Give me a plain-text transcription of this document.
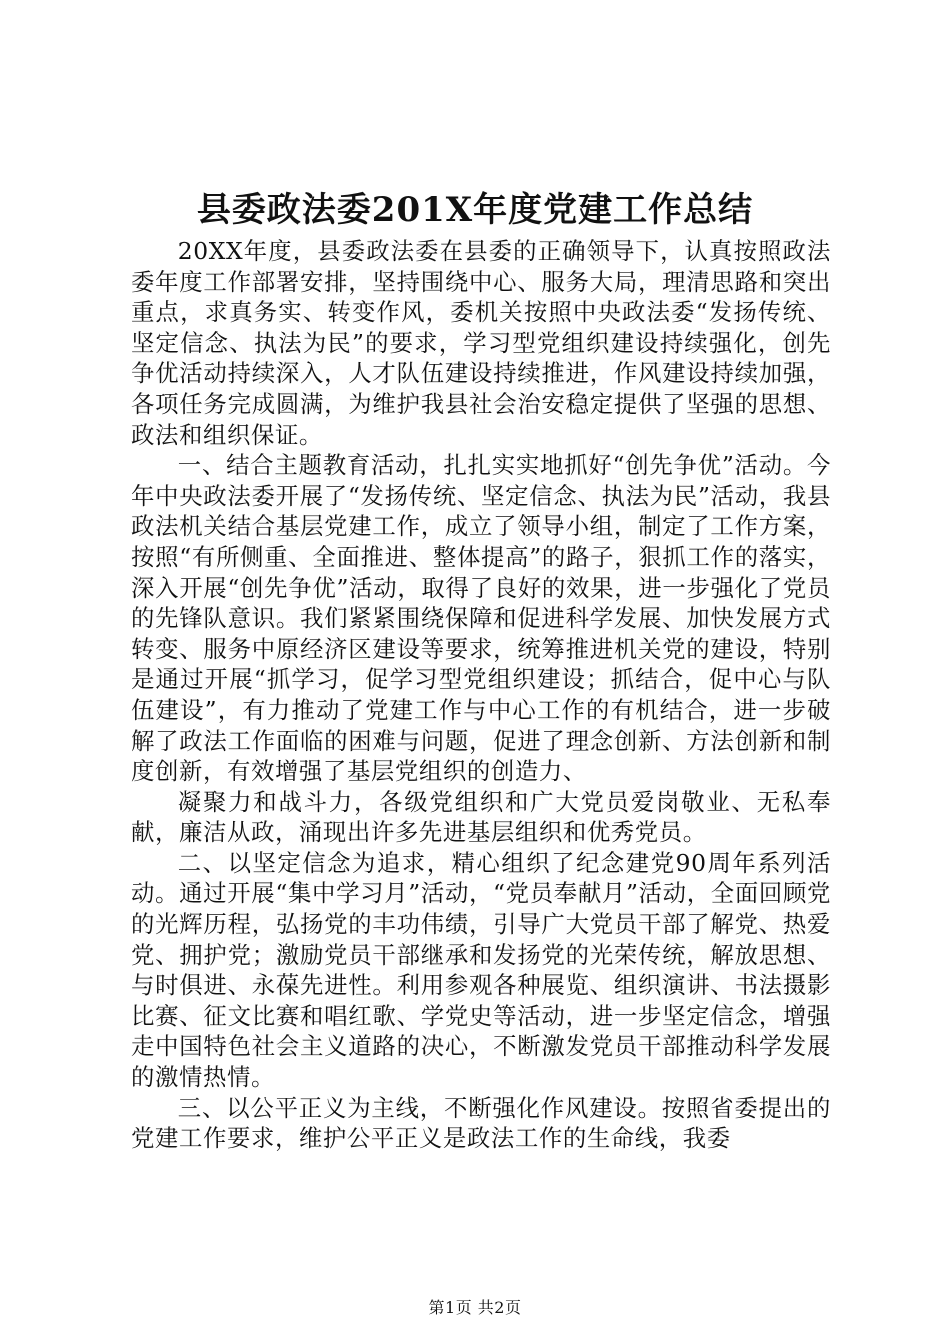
县委政法委201X年度党建工作总结

20XX年度，县委政法委在县委的正确领导下，认真按照政法委年度工作部署安排，坚持围绕中心、服务大局，理清思路和突出重点，求真务实、转变作风，委机关按照中央政法委“发扬传统、坚定信念、执法为民”的要求，学习型党组织建设持续强化，创先争优活动持续深入，人才队伍建设持续推进，作风建设持续加强，各项任务完成圆满，为维护我县社会治安稳定提供了坚强的思想、政法和组织保证。

一、结合主题教育活动，扎扎实实地抓好“创先争优”活动。今年中央政法委开展了“发扬传统、坚定信念、执法为民”活动，我县政法机关结合基层党建工作，成立了领导小组，制定了工作方案，按照“有所侧重、全面推进、整体提高”的路子，狠抓工作的落实，深入开展“创先争优”活动，取得了良好的效果，进一步强化了党员的先锋队意识。我们紧紧围绕保障和促进科学发展、加快发展方式转变、服务中原经济区建设等要求，统筹推进机关党的建设，特别是通过开展“抓学习，促学习型党组织建设；抓结合，促中心与队伍建设”，有力推动了党建工作与中心工作的有机结合，进一步破解了政法工作面临的困难与问题，促进了理念创新、方法创新和制度创新，有效增强了基层党组织的创造力、

凝聚力和战斗力，各级党组织和广大党员爱岗敬业、无私奉献，廉洁从政，涌现出许多先进基层组织和优秀党员。

二、以坚定信念为追求，精心组织了纪念建党90周年系列活动。通过开展“集中学习月”活动，“党员奉献月”活动，全面回顾党的光辉历程，弘扬党的丰功伟绩，引导广大党员干部了解党、热爱党、拥护党；激励党员干部继承和发扬党的光荣传统，解放思想、与时俱进、永葆先进性。利用参观各种展览、组织演讲、书法摄影比赛、征文比赛和唱红歌、学党史等活动，进一步坚定信念，增强走中国特色社会主义道路的决心，不断激发党员干部推动科学发展的激情热情。

三、以公平正义为主线，不断强化作风建设。按照省委提出的党建工作要求，维护公平正义是政法工作的生命线，我委

第1页 共2页
